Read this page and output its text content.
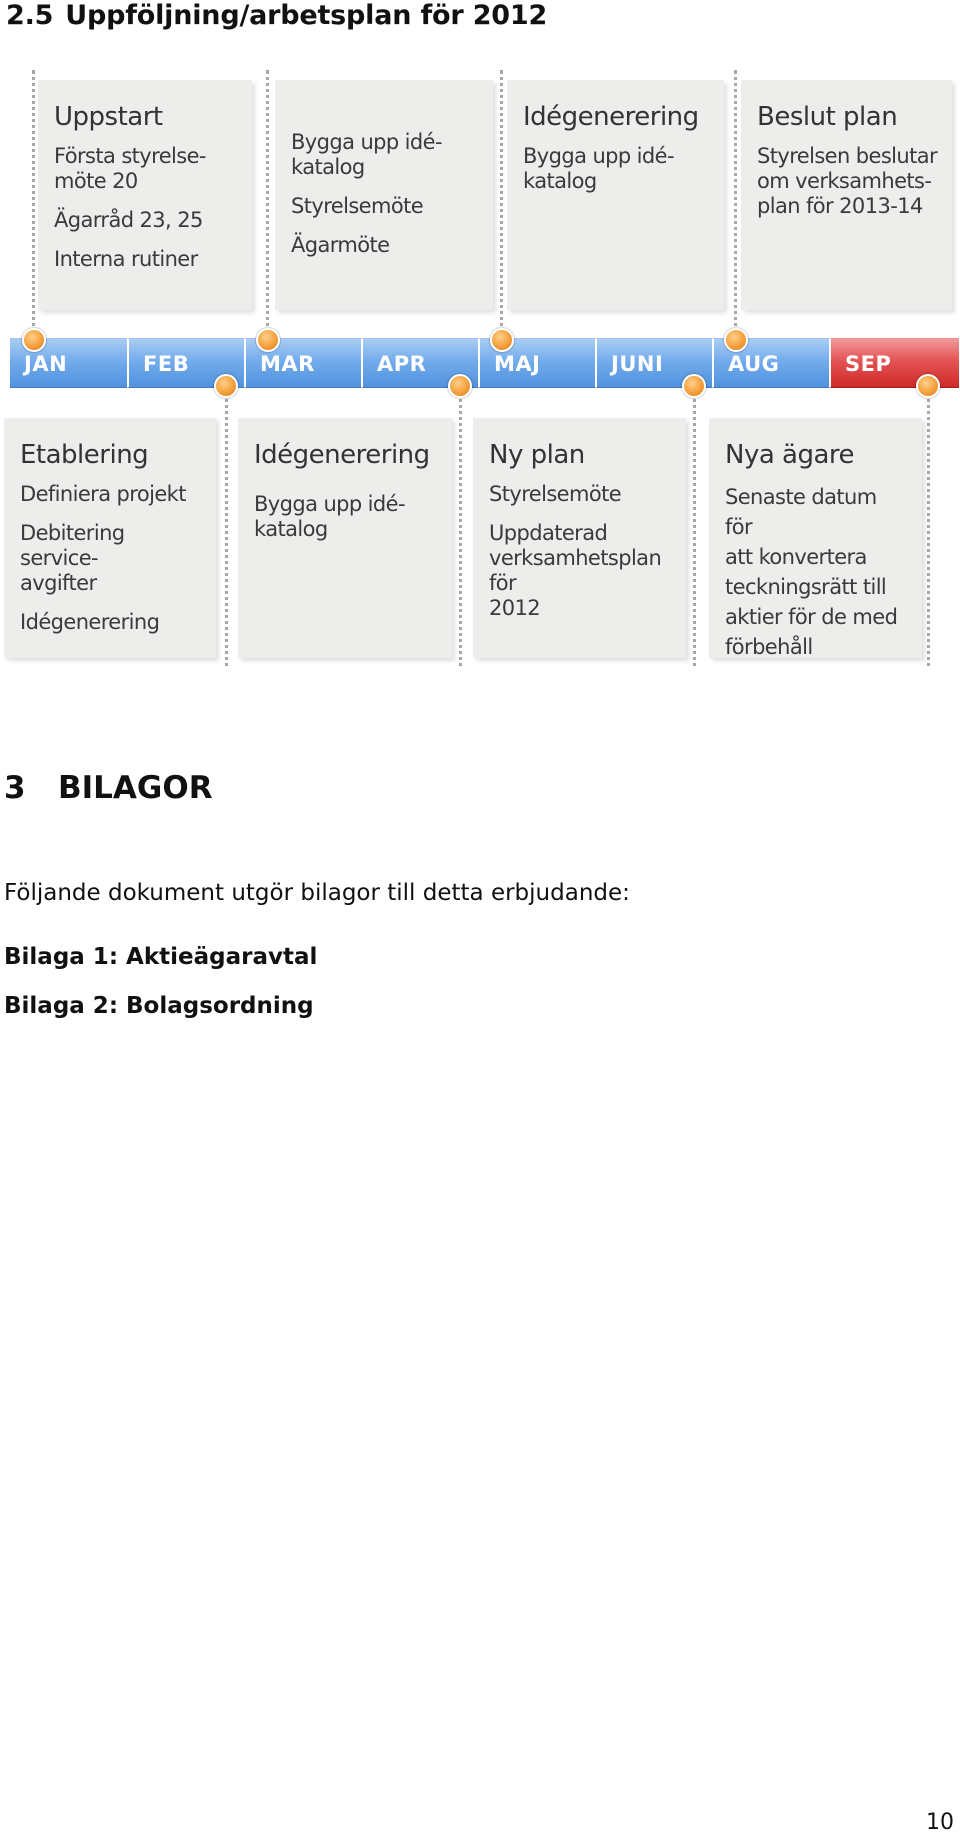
2.5 Uppföljning/arbetsplan för 2012
Uppstart
Första styrelse-
möte 20
Ägarråd 23, 25
Interna rutiner
Bygga upp idé-
katalog
Styrelsemöte
Ägarmöte
Idégenerering
Bygga upp idé-
katalog
Beslut plan
Styrelsen beslutar
om verksamhets-
plan för 2013-14
JAN	FEB	MAR	APR	MAJ	JUNI	AUG	SEP
Etablering
Definiera projekt
Debitering service-
avgifter
Idégenerering
Idégenerering
Bygga upp idé-
katalog
Ny plan
Styrelsemöte
Uppdaterad
verksamhetsplan för
2012
Nya ägare
Senaste datum för
att konvertera
teckningsrätt till
aktier för de med
förbehåll
3 BILAGOR
Följande dokument utgör bilagor till detta erbjudande:
Bilaga 1: Aktieägaravtal
Bilaga 2: Bolagsordning
10
